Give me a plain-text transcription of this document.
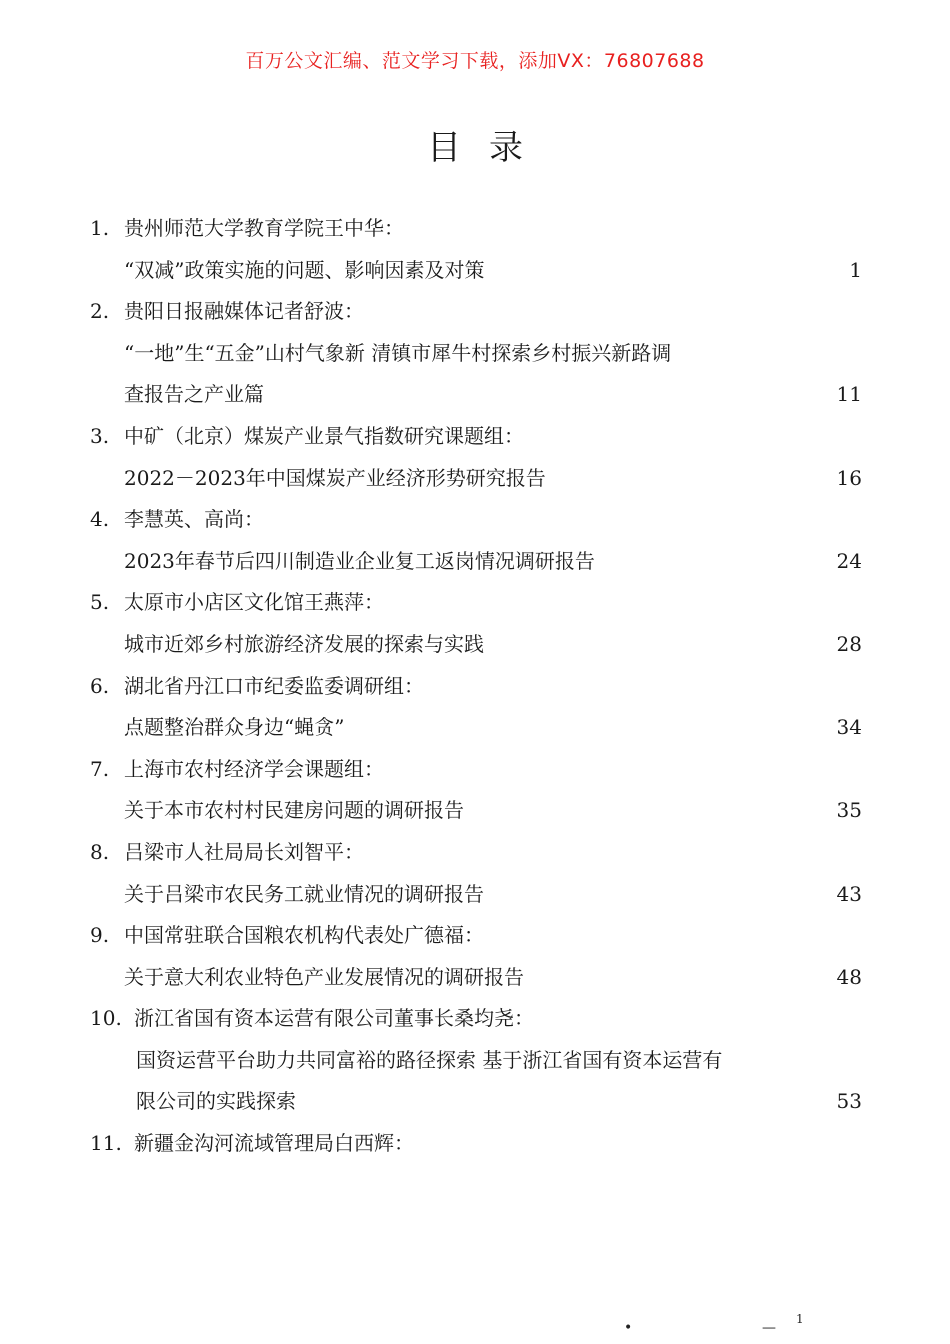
百万公文汇编、范文学习下载，添加VX：76807688
目录
1. 贵州师范大学教育学院王中华：
“双减”政策实施的问题、影响因素及对策	1
2. 贵阳日报融媒体记者舒波：
“一地”生“五金”山村气象新 清镇市犀牛村探索乡村振兴新路调
查报告之产业篇	11
3. 中矿（北京）煤炭产业景气指数研究课题组：
2022－2023年中国煤炭产业经济形势研究报告	16
4. 李慧英、高尚：
2023年春节后四川制造业企业复工返岗情况调研报告	24
5. 太原市小店区文化馆王燕萍：
城市近郊乡村旅游经济发展的探索与实践	28
6. 湖北省丹江口市纪委监委调研组：
点题整治群众身边“蝇贪”	34
7. 上海市农村经济学会课题组：
关于本市农村村民建房问题的调研报告	35
8. 吕梁市人社局局长刘智平：
关于吕梁市农民务工就业情况的调研报告	43
9. 中国常驻联合国粮农机构代表处广德福：
关于意大利农业特色产业发展情况的调研报告	48
10. 浙江省国有资本运营有限公司董事长桑均尧：
国资运营平台助力共同富裕的路径探索 基于浙江省国有资本运营有
限公司的实践探索	53
11. 新疆金沟河流域管理局白西辉：
•	—
1
